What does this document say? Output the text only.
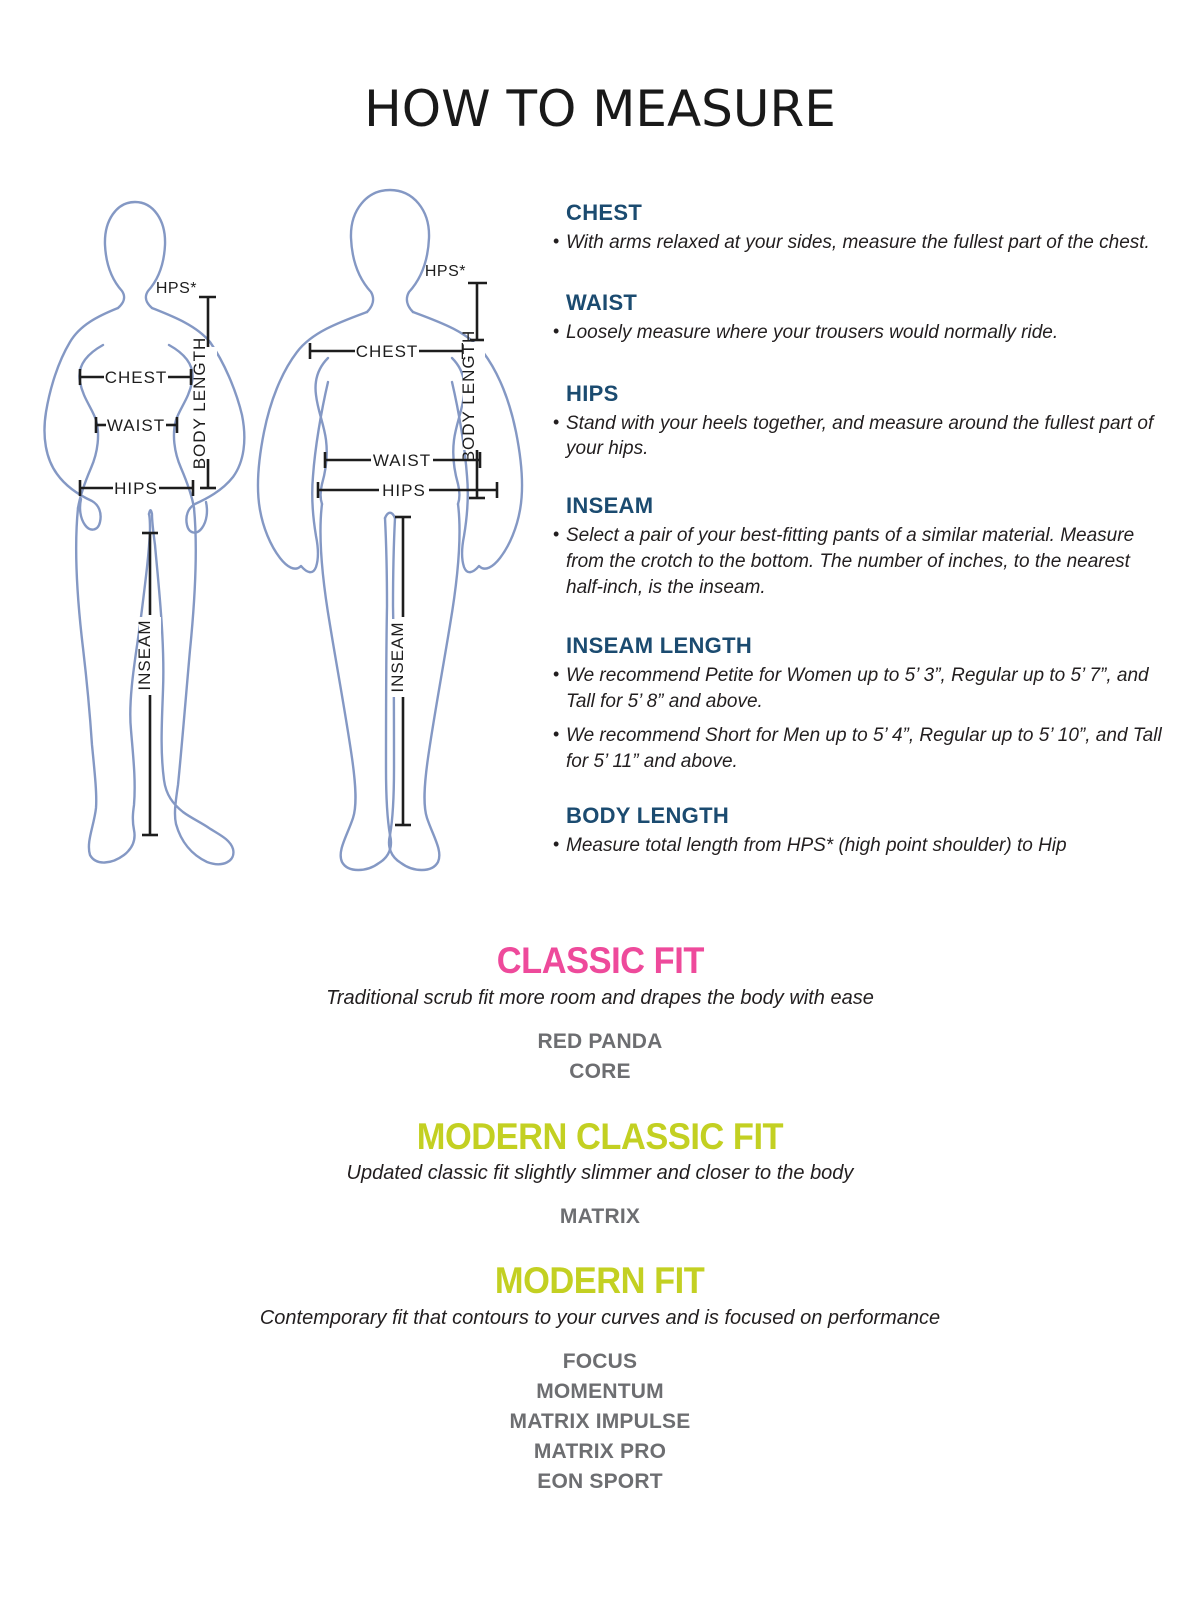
HOW TO MEASURE
CHEST
WAIST
HIPS
HPS*
BODY LENGTH
INSEAM
CHEST
WAIST
HIPS
HPS*
BODY LENGTH
INSEAM
CHEST
• With arms relaxed at your sides, measure the fullest part of the chest.
WAIST
• Loosely measure where your trousers would normally ride.
HIPS
• Stand with your heels together, and measure around the fullest part of your hips.
INSEAM
• Select a pair of your best-fitting pants of a similar material. Measure from the crotch to the bottom. The number of inches, to the nearest half-inch, is the inseam.
INSEAM LENGTH
• We recommend Petite for Women up to 5’ 3”, Regular up to 5’ 7”, and Tall for 5’ 8” and above.
• We recommend Short for Men up to 5’ 4”, Regular up to 5’ 10”, and Tall for 5’ 11” and above.
BODY LENGTH
• Measure total length from HPS* (high point shoulder) to Hip
CLASSIC FIT
Traditional scrub fit more room and drapes the body with ease
RED PANDA
CORE
MODERN CLASSIC FIT
Updated classic fit slightly slimmer and closer to the body
MATRIX
MODERN FIT
Contemporary fit that contours to your curves and is focused on performance
FOCUS
MOMENTUM
MATRIX IMPULSE
MATRIX PRO
EON SPORT
